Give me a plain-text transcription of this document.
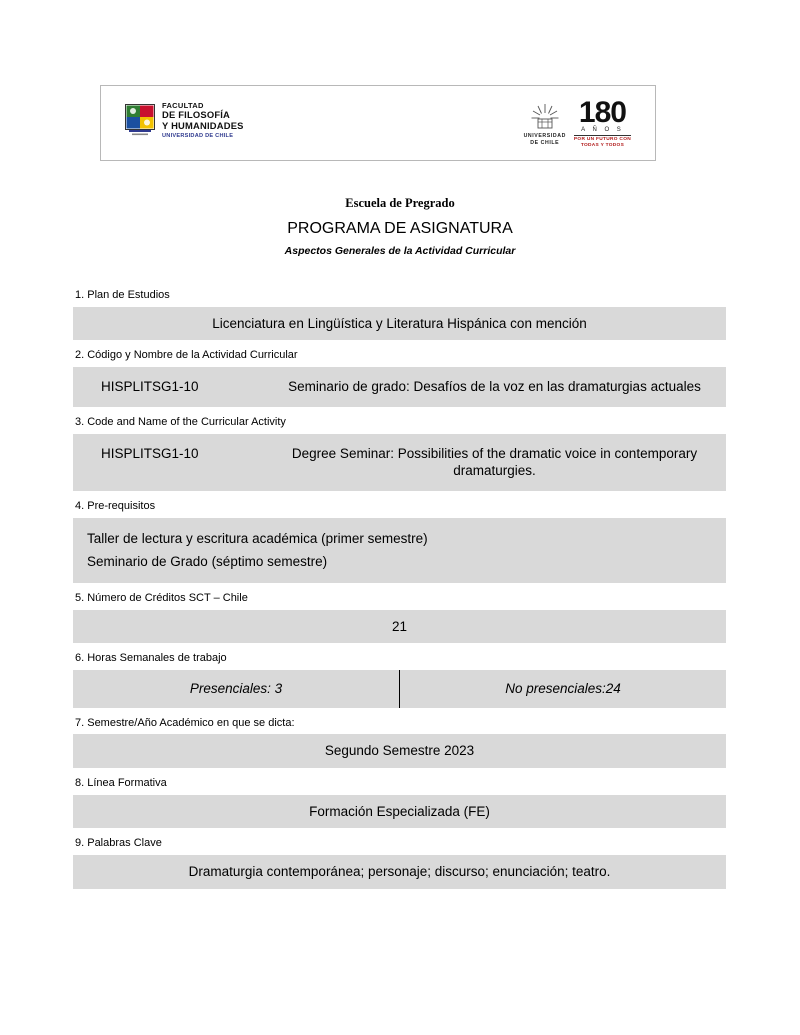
FACULTAD
DE FILOSOFÍA
Y HUMANIDADES
UNIVERSIDAD DE CHILE	UNIVERSIDAD
DE CHILE
180
A Ñ O S
POR UN FUTURO CON
TODAS Y TODOS
Escuela de Pregrado
PROGRAMA DE ASIGNATURA
Aspectos Generales de la Actividad Curricular
1. Plan de Estudios
Licenciatura en Lingüística y Literatura Hispánica con mención
2. Código y Nombre de la Actividad Curricular
HISPLITSG1-10	Seminario de grado: Desafíos de la voz en las dramaturgias actuales
3. Code and Name of the Curricular Activity
HISPLITSG1-10	Degree Seminar: Possibilities of the dramatic voice in contemporary dramaturgies.
4. Pre-requisitos
Taller de lectura y escritura académica (primer semestre)
Seminario de Grado (séptimo semestre)
5. Número de Créditos SCT – Chile
21
6. Horas Semanales de trabajo
Presenciales: 3	No presenciales:24
7. Semestre/Año Académico en que se dicta:
Segundo Semestre 2023
8. Línea Formativa
Formación Especializada (FE)
9. Palabras Clave
Dramaturgia contemporánea; personaje; discurso; enunciación; teatro.
